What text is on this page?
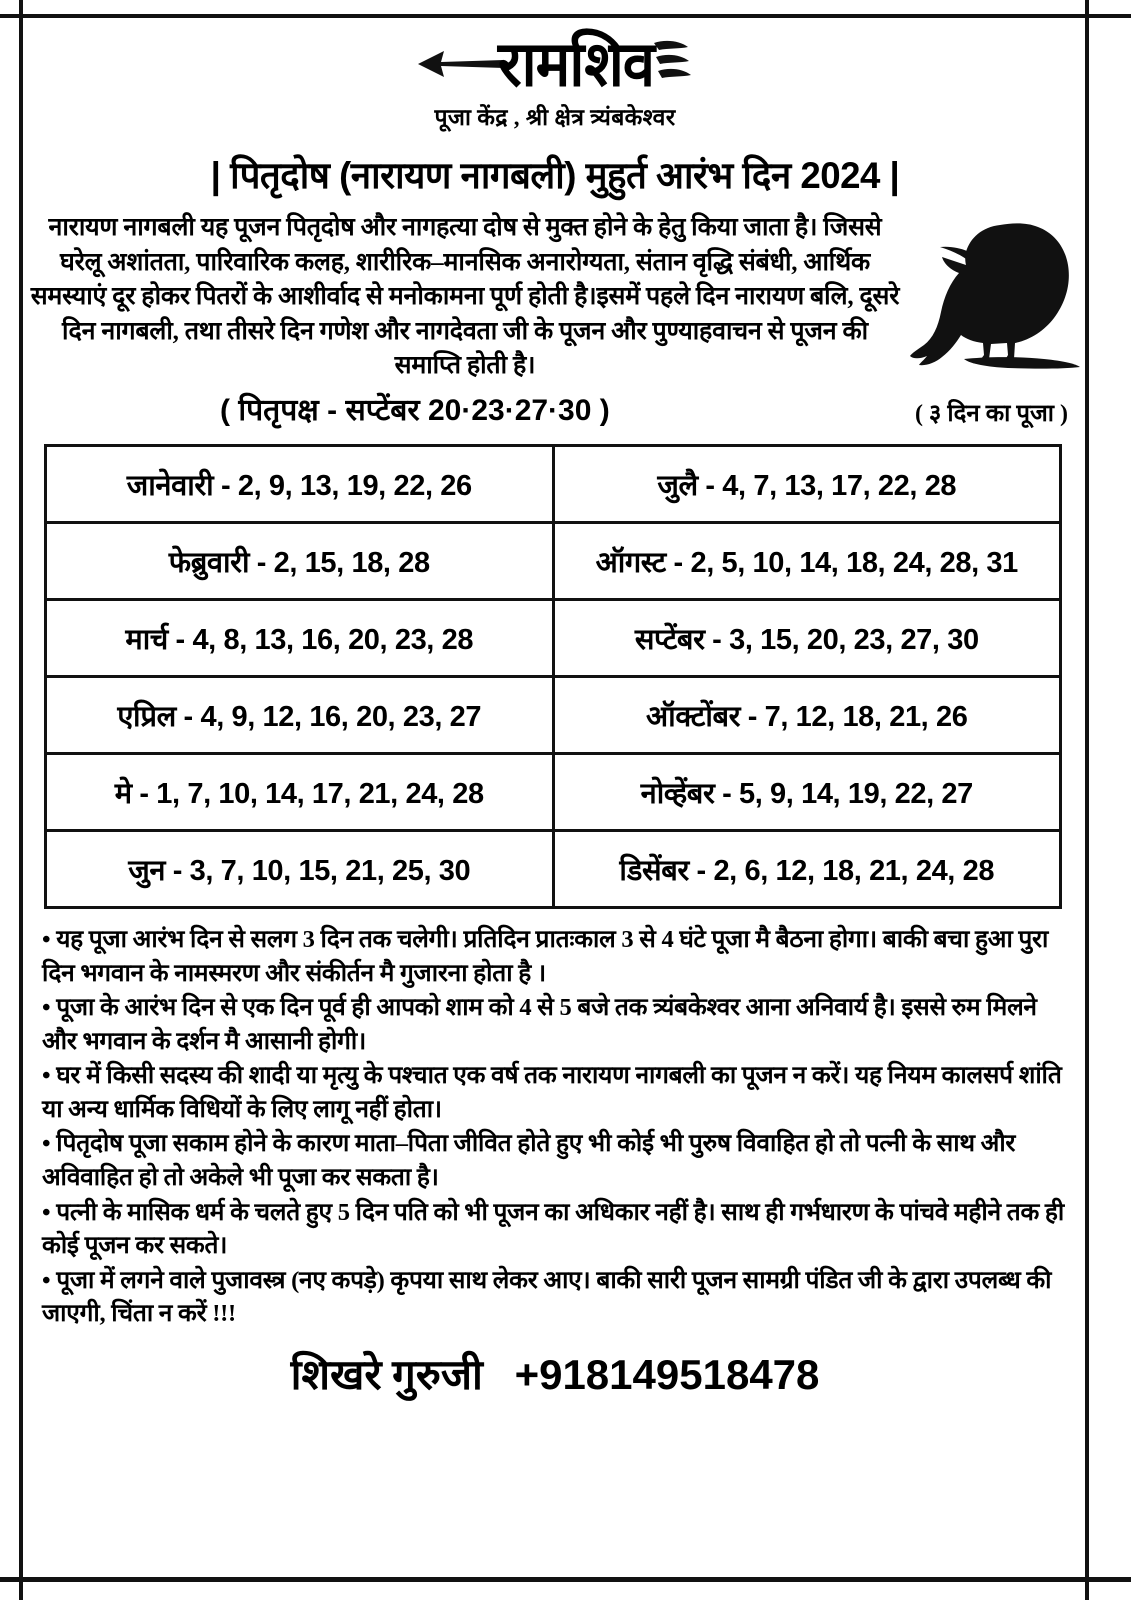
रामशिव
पूजा केंद्र , श्री क्षेत्र त्र्यंबकेश्वर
| पितृदोष (नारायण नागबली) मुहुर्त आरंभ दिन 2024 |

नारायण नागबली यह पूजन पितृदोष और नागहत्या दोष से मुक्त होने के हेतु किया जाता है। जिससे घरेलू अशांतता, पारिवारिक कलह, शारीरिक–मानसिक अनारोग्यता, संतान वृद्धि संबंधी, आर्थिक समस्याएं दूर होकर पितरों के आशीर्वाद से मनोकामना पूर्ण होती है।इसमें पहले दिन नारायण बलि, दूसरे दिन नागबली, तथा तीसरे दिन गणेश और नागदेवता जी के पूजन और पुण्याहवाचन से पूजन की समाप्ति होती है।

( पितृपक्ष - सप्टेंबर 20·23·27·30 )	( ३ दिन का पूजा )
जानेवारी - 2, 9, 13, 19, 22, 26	जुलै - 4, 7, 13, 17, 22, 28
फेब्रुवारी - 2, 15, 18, 28	ऑगस्ट - 2, 5, 10, 14, 18, 24, 28, 31
मार्च - 4, 8, 13, 16, 20, 23, 28	सप्टेंबर - 3, 15, 20, 23, 27, 30
एप्रिल - 4, 9, 12, 16, 20, 23, 27	ऑक्टोंबर - 7, 12, 18, 21, 26
मे - 1, 7, 10, 14, 17, 21, 24, 28	नोव्हेंबर - 5, 9, 14, 19, 22, 27
जुन - 3, 7, 10, 15, 21, 25, 30	डिसेंबर - 2, 6, 12, 18, 21, 24, 28

• यह पूजा आरंभ दिन से सलग 3 दिन तक चलेगी। प्रतिदिन प्रातःकाल 3 से 4 घंटे पूजा मै बैठना होगा। बाकी बचा हुआ पुरा दिन भगवान के नामस्मरण और संकीर्तन मै गुजारना होता है ।

• पूजा के आरंभ दिन से एक दिन पूर्व ही आपको शाम को 4 से 5 बजे तक त्र्यंबकेश्वर आना अनिवार्य है। इससे रुम मिलने और भगवान के दर्शन मै आसानी होगी।

• घर में किसी सदस्य की शादी या मृत्यु के पश्चात एक वर्ष तक नारायण नागबली का पूजन न करें। यह नियम कालसर्प शांति या अन्य धार्मिक विधियों के लिए लागू नहीं होता।

• पितृदोष पूजा सकाम होने के कारण माता–पिता जीवित होते हुए भी कोई भी पुरुष विवाहित हो तो पत्नी के साथ और अविवाहित हो तो अकेले भी पूजा कर सकता है।

• पत्नी के मासिक धर्म के चलते हुए 5 दिन पति को भी पूजन का अधिकार नहीं है। साथ ही गर्भधारण के पांचवे महीने तक ही कोई पूजन कर सकते।

• पूजा में लगने वाले पुजावस्त्र (नए कपड़े) कृपया साथ लेकर आए। बाकी सारी पूजन सामग्री पंडित जी के द्वारा उपलब्ध की जाएगी, चिंता न करें !!!

शिखरे गुरुजी +918149518478
